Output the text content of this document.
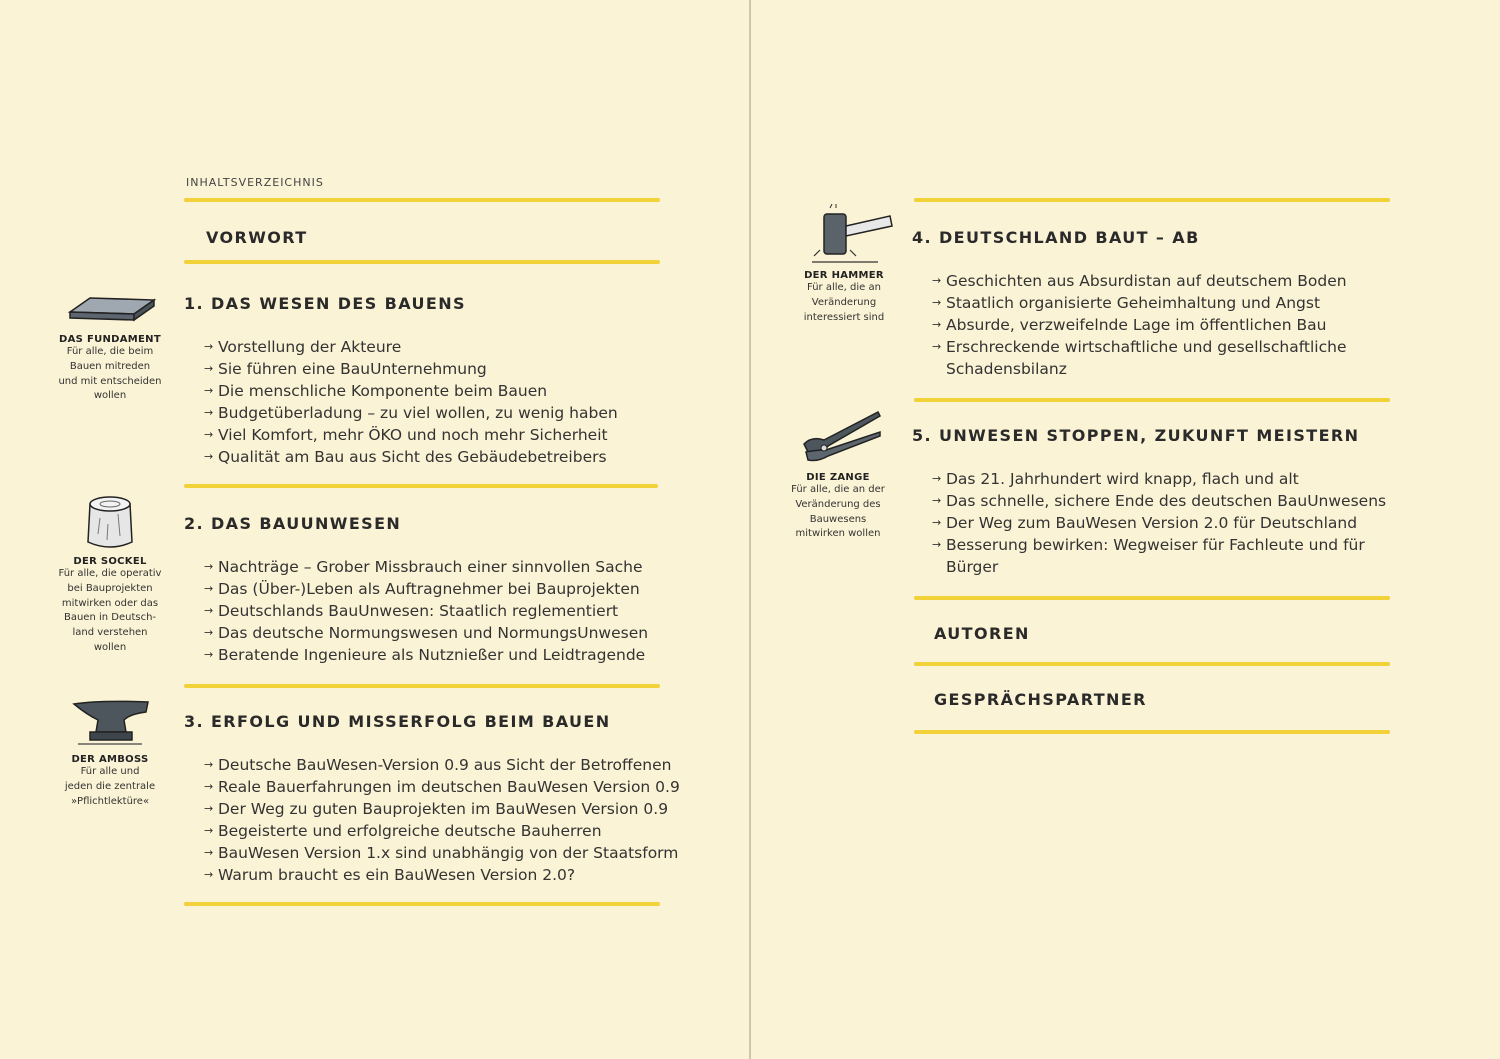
INHALTSVERZEICHNIS
VORWORT
1. DAS WESEN DES BAUENS
→ Vorstellung der Akteure
→ Sie führen eine BauUnternehmung
→ Die menschliche Komponente beim Bauen
→ Budgetüberladung – zu viel wollen, zu wenig haben
→ Viel Komfort, mehr ÖKO und noch mehr Sicherheit
→ Qualität am Bau aus Sicht des Gebäudebetreibers
2. DAS BAUUNWESEN
→ Nachträge – Grober Missbrauch einer sinnvollen Sache
→ Das (Über-)Leben als Auftragnehmer bei Bauprojekten
→ Deutschlands BauUnwesen: Staatlich reglementiert
→ Das deutsche Normungswesen und NormungsUnwesen
→ Beratende Ingenieure als Nutznießer und Leidtragende
3. ERFOLG UND MISSERFOLG BEIM BAUEN
→ Deutsche BauWesen-Version 0.9 aus Sicht der Betroffenen
→ Reale Bauerfahrungen im deutschen BauWesen Version 0.9
→ Der Weg zu guten Bauprojekten im BauWesen Version 0.9
→ Begeisterte und erfolgreiche deutsche Bauherren
→ BauWesen Version 1.x sind unabhängig von der Staatsform
→ Warum braucht es ein BauWesen Version 2.0?
DAS FUNDAMENT
Für alle, die beim
Bauen mitreden
und mit entscheiden
wollen
DER SOCKEL
Für alle, die operativ
bei Bauprojekten
mitwirken oder das
Bauen in Deutsch-
land verstehen
wollen
DER AMBOSS
Für alle und
jeden die zentrale
»Pflichtlektüre«
4. DEUTSCHLAND BAUT – AB
→ Geschichten aus Absurdistan auf deutschem Boden
→ Staatlich organisierte Geheimhaltung und Angst
→ Absurde, verzweifelnde Lage im öffentlichen Bau
→ Erschreckende wirtschaftliche und gesellschaftliche
Schadensbilanz
5. UNWESEN STOPPEN, ZUKUNFT MEISTERN
→ Das 21. Jahrhundert wird knapp, flach und alt
→ Das schnelle, sichere Ende des deutschen BauUnwesens
→ Der Weg zum BauWesen Version 2.0 für Deutschland
→ Besserung bewirken: Wegweiser für Fachleute und für
Bürger
AUTOREN
GESPRÄCHSPARTNER
DER HAMMER
Für alle, die an
Veränderung
interessiert sind
DIE ZANGE
Für alle, die an der
Veränderung des
Bauwesens
mitwirken wollen
